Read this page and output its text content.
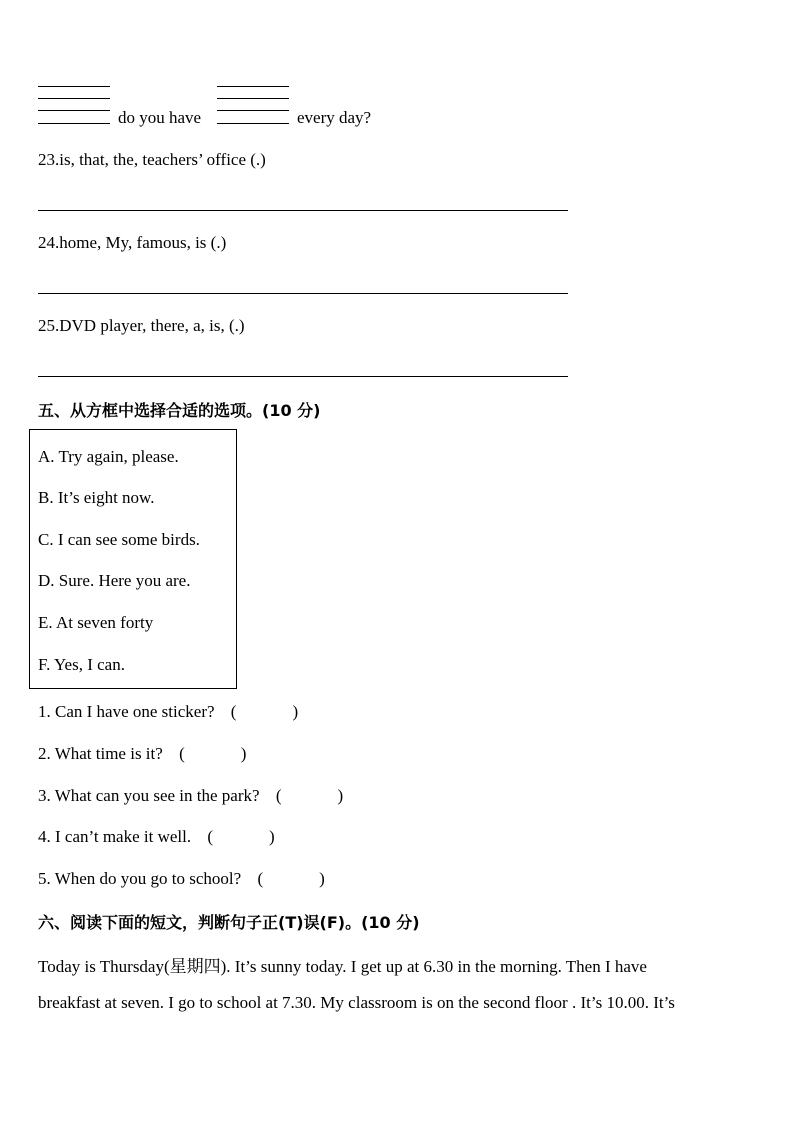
do you have	every day?
23.is, that, the, teachers’ office (.)
24.home, My, famous, is (.)
25.DVD player, there, a, is, (.)
五、从方框中选择合适的选项。(10 分)
A. Try again, please.
B. It’s eight now.
C. I can see some birds.
D. Sure. Here you are.
E. At seven forty
F. Yes, I can.
1. Can I have one sticker? (	)
2. What time is it? (	)
3. What can you see in the park? (	)
4. I can’t make it well. (	)
5. When do you go to school? (	)
六、阅读下面的短文，判断句子正(T)误(F)。(10 分)
Today is Thursday(星期四). It’s sunny today. I get up at 6.30 in the morning. Then I have
breakfast at seven. I go to school at 7.30. My classroom is on the second floor . It’s 10.00. It’s
